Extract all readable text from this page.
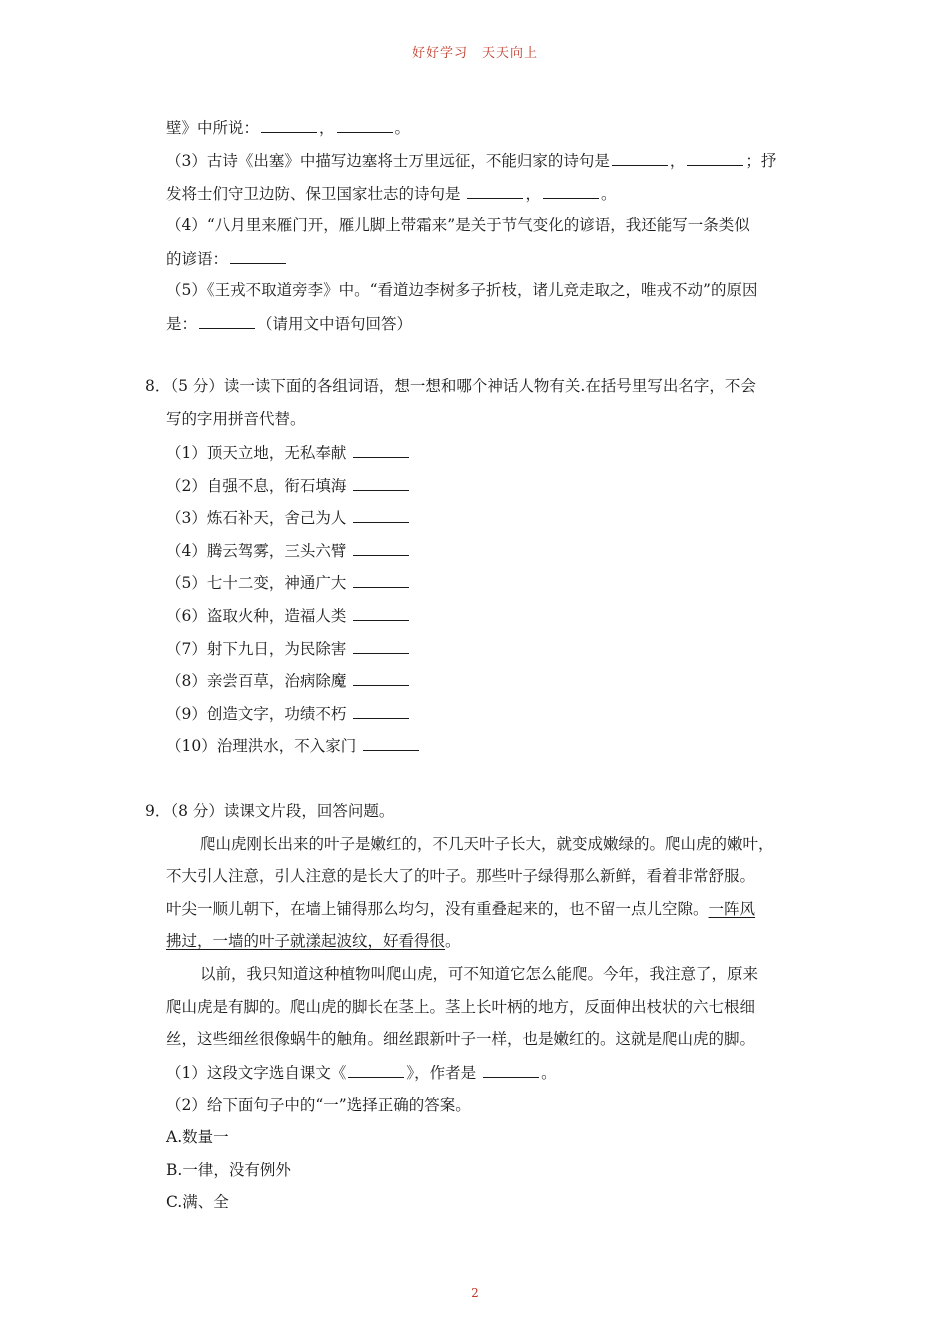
好好学习　天天向上
壁》中所说：	，	。
（3）古诗《出塞》中描写边塞将士万里远征，不能归家的诗句是	，	；抒
发将士们守卫边防、保卫国家壮志的诗句是	，	。
（4）“八月里来雁门开，雁儿脚上带霜来”是关于节气变化的谚语，我还能写一条类似
的谚语：
（5）《王戎不取道旁李》中。“看道边李树多子折枝，诸儿竞走取之，唯戎不动”的原因
是：	（请用文中语句回答）
8．（5 分）读一读下面的各组词语，想一想和哪个神话人物有关.在括号里写出名字，不会
写的字用拼音代替。
（1）顶天立地，无私奉献
（2）自强不息，衔石填海
（3）炼石补天，舍己为人
（4）腾云驾雾，三头六臂
（5）七十二变，神通广大
（6）盗取火种，造福人类
（7）射下九日，为民除害
（8）亲尝百草，治病除魔
（9）创造文字，功绩不朽
（10）治理洪水，不入家门
9．（8 分）读课文片段，回答问题。
爬山虎刚长出来的叶子是嫩红的，不几天叶子长大，就变成嫩绿的。爬山虎的嫩叶，
不大引人注意，引人注意的是长大了的叶子。那些叶子绿得那么新鲜，看着非常舒服。
叶尖一顺儿朝下，在墙上铺得那么均匀，没有重叠起来的，也不留一点儿空隙。一阵风
拂过，一墙的叶子就漾起波纹，好看得很。
以前，我只知道这种植物叫爬山虎，可不知道它怎么能爬。今年，我注意了，原来
爬山虎是有脚的。爬山虎的脚长在茎上。茎上长叶柄的地方，反面伸出枝状的六七根细
丝，这些细丝很像蜗牛的触角。细丝跟新叶子一样，也是嫩红的。这就是爬山虎的脚。
（1）这段文字选自课文《	》，作者是	。
（2）给下面句子中的“一”选择正确的答案。
A.数量一
B.一律，没有例外
C.满、全
2
